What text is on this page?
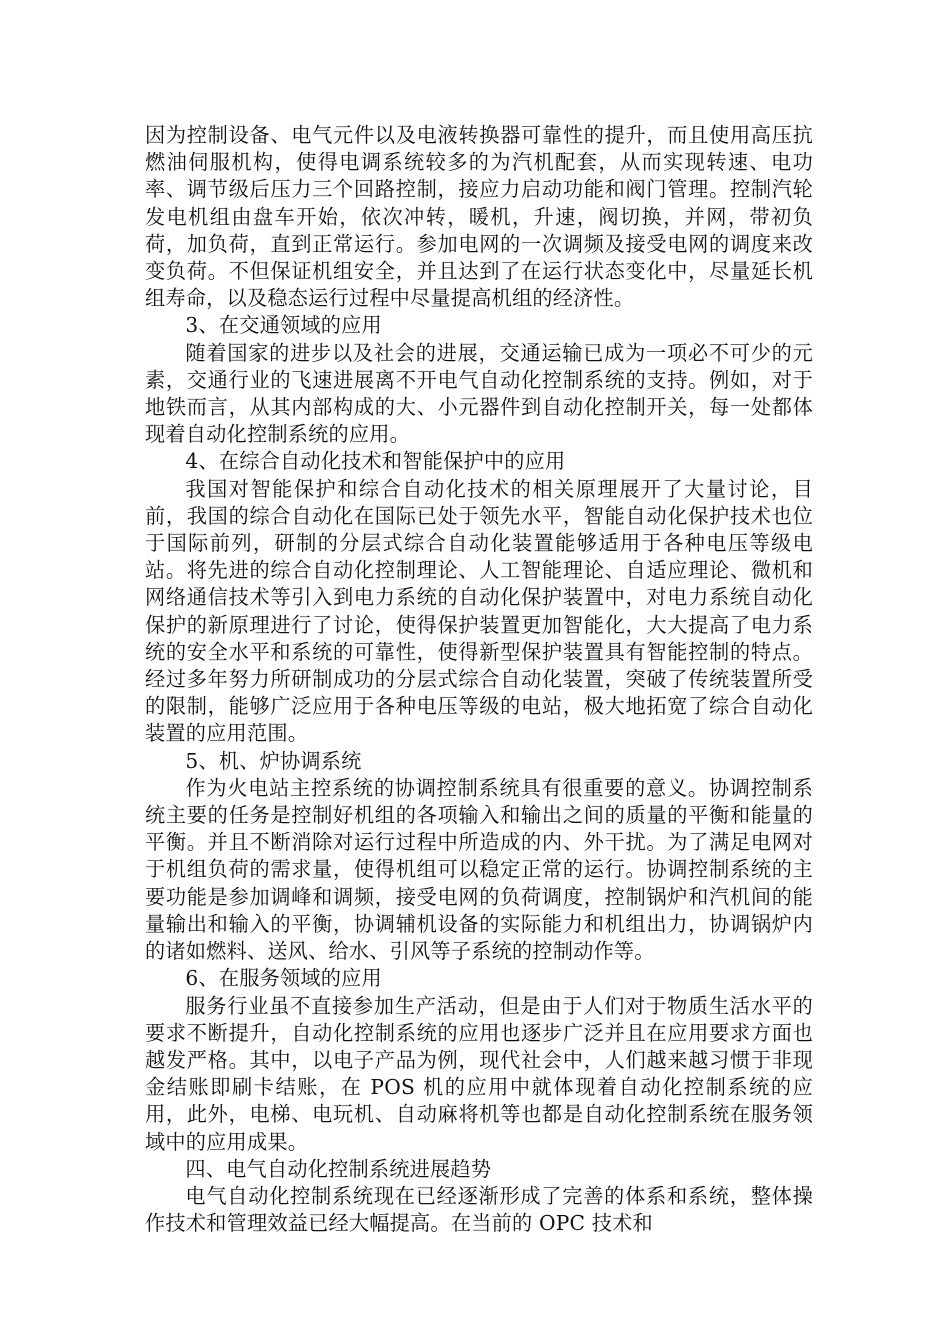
因为控制设备、电气元件以及电液转换器可靠性的提升，而且使用高压抗燃油伺服机构，使得电调系统较多的为汽机配套，从而实现转速、电功率、调节级后压力三个回路控制，接应力启动功能和阀门管理。控制汽轮发电机组由盘车开始，依次冲转，暖机，升速，阀切换，并网，带初负荷，加负荷，直到正常运行。参加电网的一次调频及接受电网的调度来改变负荷。不但保证机组安全，并且达到了在运行状态变化中，尽量延长机组寿命，以及稳态运行过程中尽量提高机组的经济性。

3、在交通领域的应用

随着国家的进步以及社会的进展，交通运输已成为一项必不可少的元素，交通行业的飞速进展离不开电气自动化控制系统的支持。例如，对于地铁而言，从其内部构成的大、小元器件到自动化控制开关，每一处都体现着自动化控制系统的应用。

4、在综合自动化技术和智能保护中的应用

我国对智能保护和综合自动化技术的相关原理展开了大量讨论，目前，我国的综合自动化在国际已处于领先水平，智能自动化保护技术也位于国际前列，研制的分层式综合自动化装置能够适用于各种电压等级电站。将先进的综合自动化控制理论、人工智能理论、自适应理论、微机和网络通信技术等引入到电力系统的自动化保护装置中，对电力系统自动化保护的新原理进行了讨论，使得保护装置更加智能化，大大提高了电力系统的安全水平和系统的可靠性，使得新型保护装置具有智能控制的特点。经过多年努力所研制成功的分层式综合自动化装置，突破了传统装置所受的限制，能够广泛应用于各种电压等级的电站，极大地拓宽了综合自动化装置的应用范围。

5、机、炉协调系统

作为火电站主控系统的协调控制系统具有很重要的意义。协调控制系统主要的任务是控制好机组的各项输入和输出之间的质量的平衡和能量的平衡。并且不断消除对运行过程中所造成的内、外干扰。为了满足电网对于机组负荷的需求量，使得机组可以稳定正常的运行。协调控制系统的主要功能是参加调峰和调频，接受电网的负荷调度，控制锅炉和汽机间的能量输出和输入的平衡，协调辅机设备的实际能力和机组出力，协调锅炉内的诸如燃料、送风、给水、引风等子系统的控制动作等。

6、在服务领域的应用

服务行业虽不直接参加生产活动，但是由于人们对于物质生活水平的要求不断提升，自动化控制系统的应用也逐步广泛并且在应用要求方面也越发严格。其中，以电子产品为例，现代社会中，人们越来越习惯于非现金结账即刷卡结账，在 POS 机的应用中就体现着自动化控制系统的应用，此外，电梯、电玩机、自动麻将机等也都是自动化控制系统在服务领域中的应用成果。

四、电气自动化控制系统进展趋势

电气自动化控制系统现在已经逐渐形成了完善的体系和系统，整体操作技术和管理效益已经大幅提高。在当前的 OPC 技术和
